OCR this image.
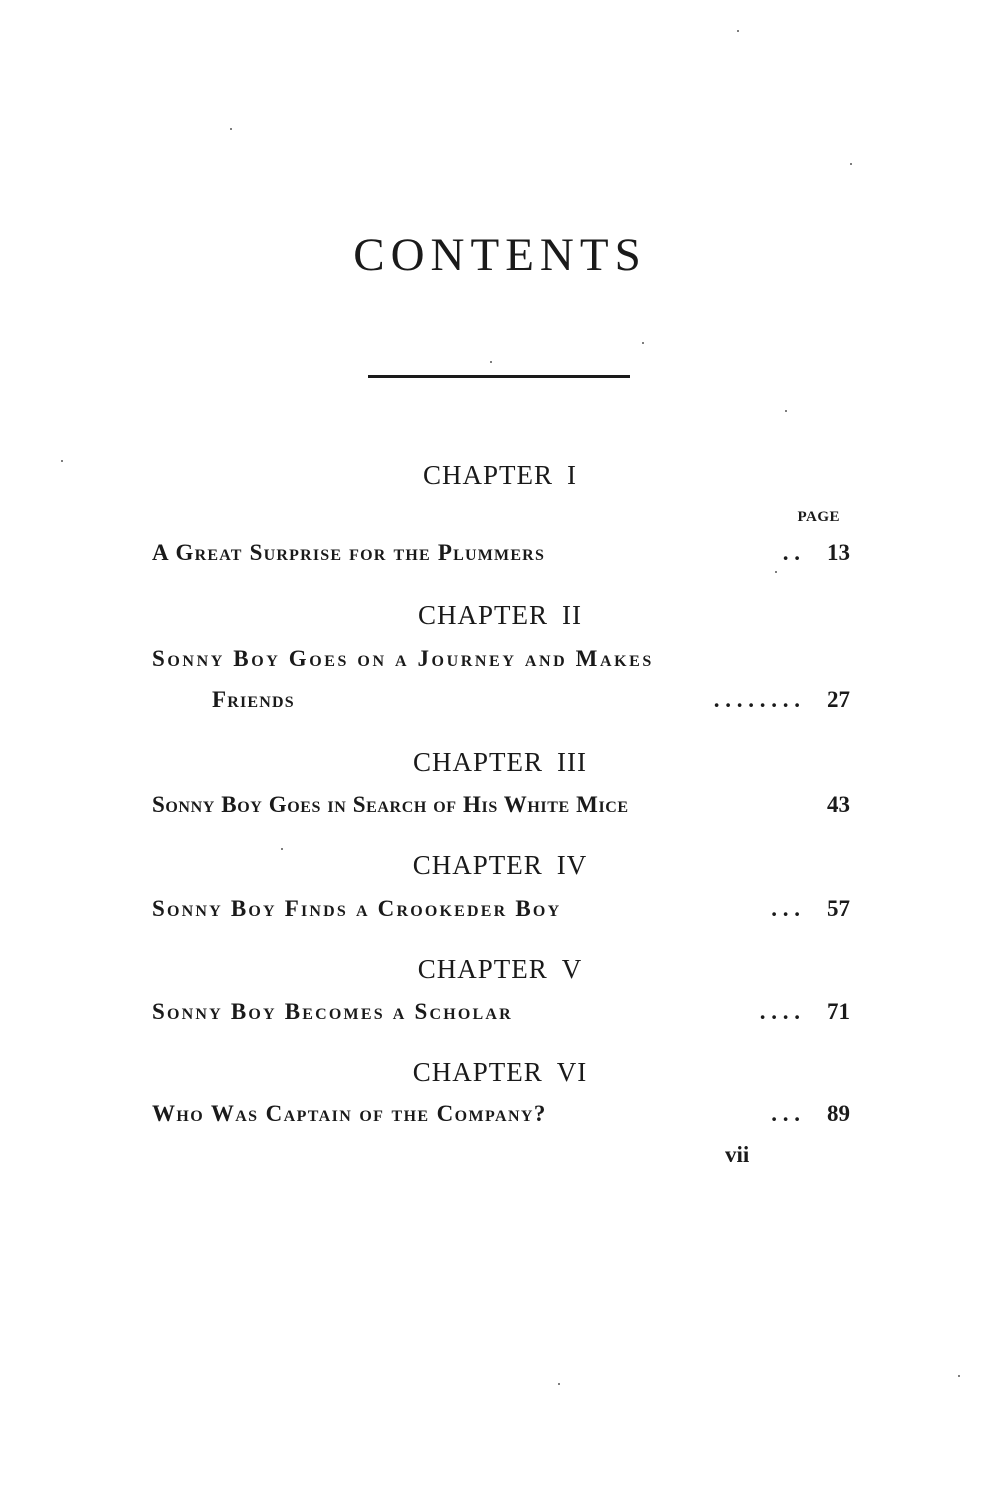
CONTENTS
CHAPTER I
PAGE
A Great Surprise for the Plummers	. . 13
CHAPTER II
Sonny Boy Goes on a Journey and Makes
Friends	. . . . . . . . 27
CHAPTER III
Sonny Boy Goes in Search of His White Mice	43
CHAPTER IV
Sonny Boy Finds a Crookeder Boy	. . . 57
CHAPTER V
Sonny Boy Becomes a Scholar	. . . . 71
CHAPTER VI
Who Was Captain of the Company?	. . . 89
vii
